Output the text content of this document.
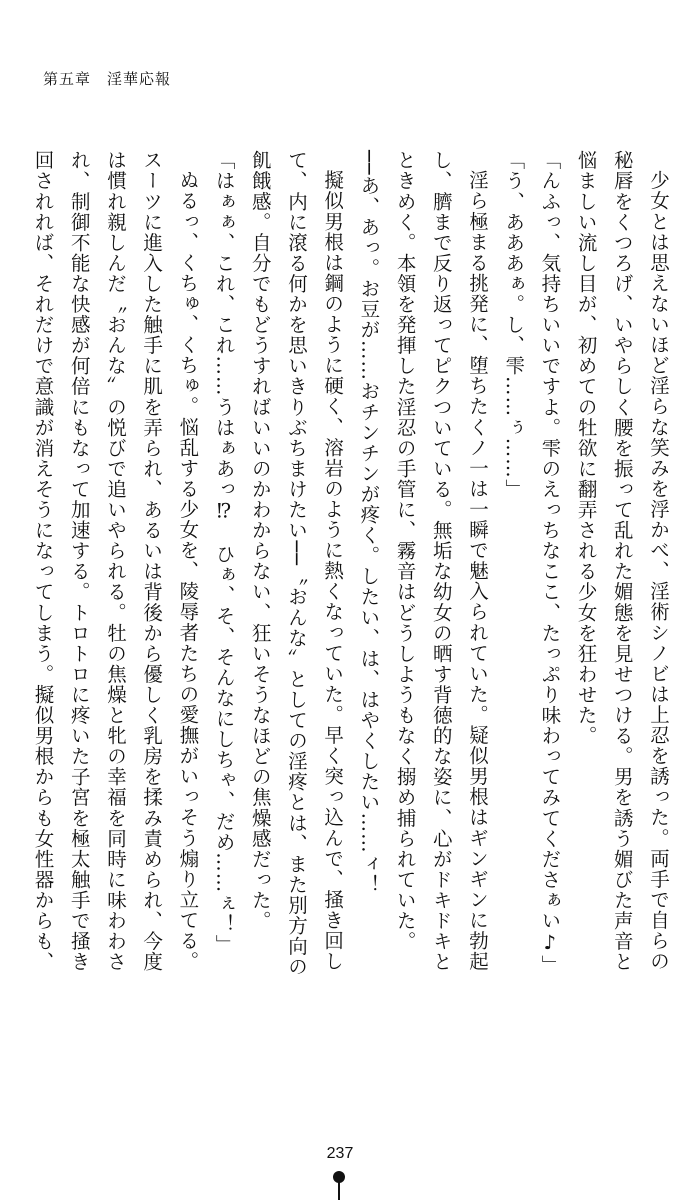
第五章　淫華応報

少女とは思えないほど淫らな笑みを浮かべ、淫術シノビは上忍を誘った。両手で自らの秘唇をくつろげ、いやらしく腰を振って乱れた媚態を見せつける。男を誘う媚びた声音と悩ましい流し目が、初めての牡欲に翻弄される少女を狂わせた。

「んふっ、気持ちいいですよ。雫のえっちなここ、たっぷり味わってみてくださぁい♪」

「う、あああぁ。し、雫……ぅ……」

淫ら極まる挑発に、堕ちたくノ一は一瞬で魅入られていた。疑似男根はギンギンに勃起し、臍まで反り返ってピクついている。無垢な幼女の晒す背徳的な姿に、心がドキドキとときめく。本領を発揮した淫忍の手管に、霧音はどうしようもなく搦め捕られていた。

──あ、あっ。お豆が……おチンチンが疼く。したい、は、はやくしたい……ィ！

擬似男根は鋼のように硬く、溶岩のように熱くなっていた。早く突っ込んで、掻き回して、内に滾る何かを思いきりぶちまけたい──〝おんな〟としての淫疼とは、また別方向の飢餓感。自分でもどうすればいいのかわからない、狂いそうなほどの焦燥感だった。

「はぁぁ、これ、これ……うはぁあっ⁉　ひぁ、そ、そんなにしちゃ、だめ……ぇ！」

ぬるっ、くちゅ、くちゅ。悩乱する少女を、陵辱者たちの愛撫がいっそう煽り立てる。スーツに進入した触手に肌を弄られ、あるいは背後から優しく乳房を揉み責められ、今度は慣れ親しんだ〝おんな〟の悦びで追いやられる。牡の焦燥と牝の幸福を同時に味わわされ、制御不能な快感が何倍にもなって加速する。トロトロに疼いた子宮を極太触手で掻き回されれば、それだけで意識が消えそうになってしまう。擬似男根からも女性器からも、

237
